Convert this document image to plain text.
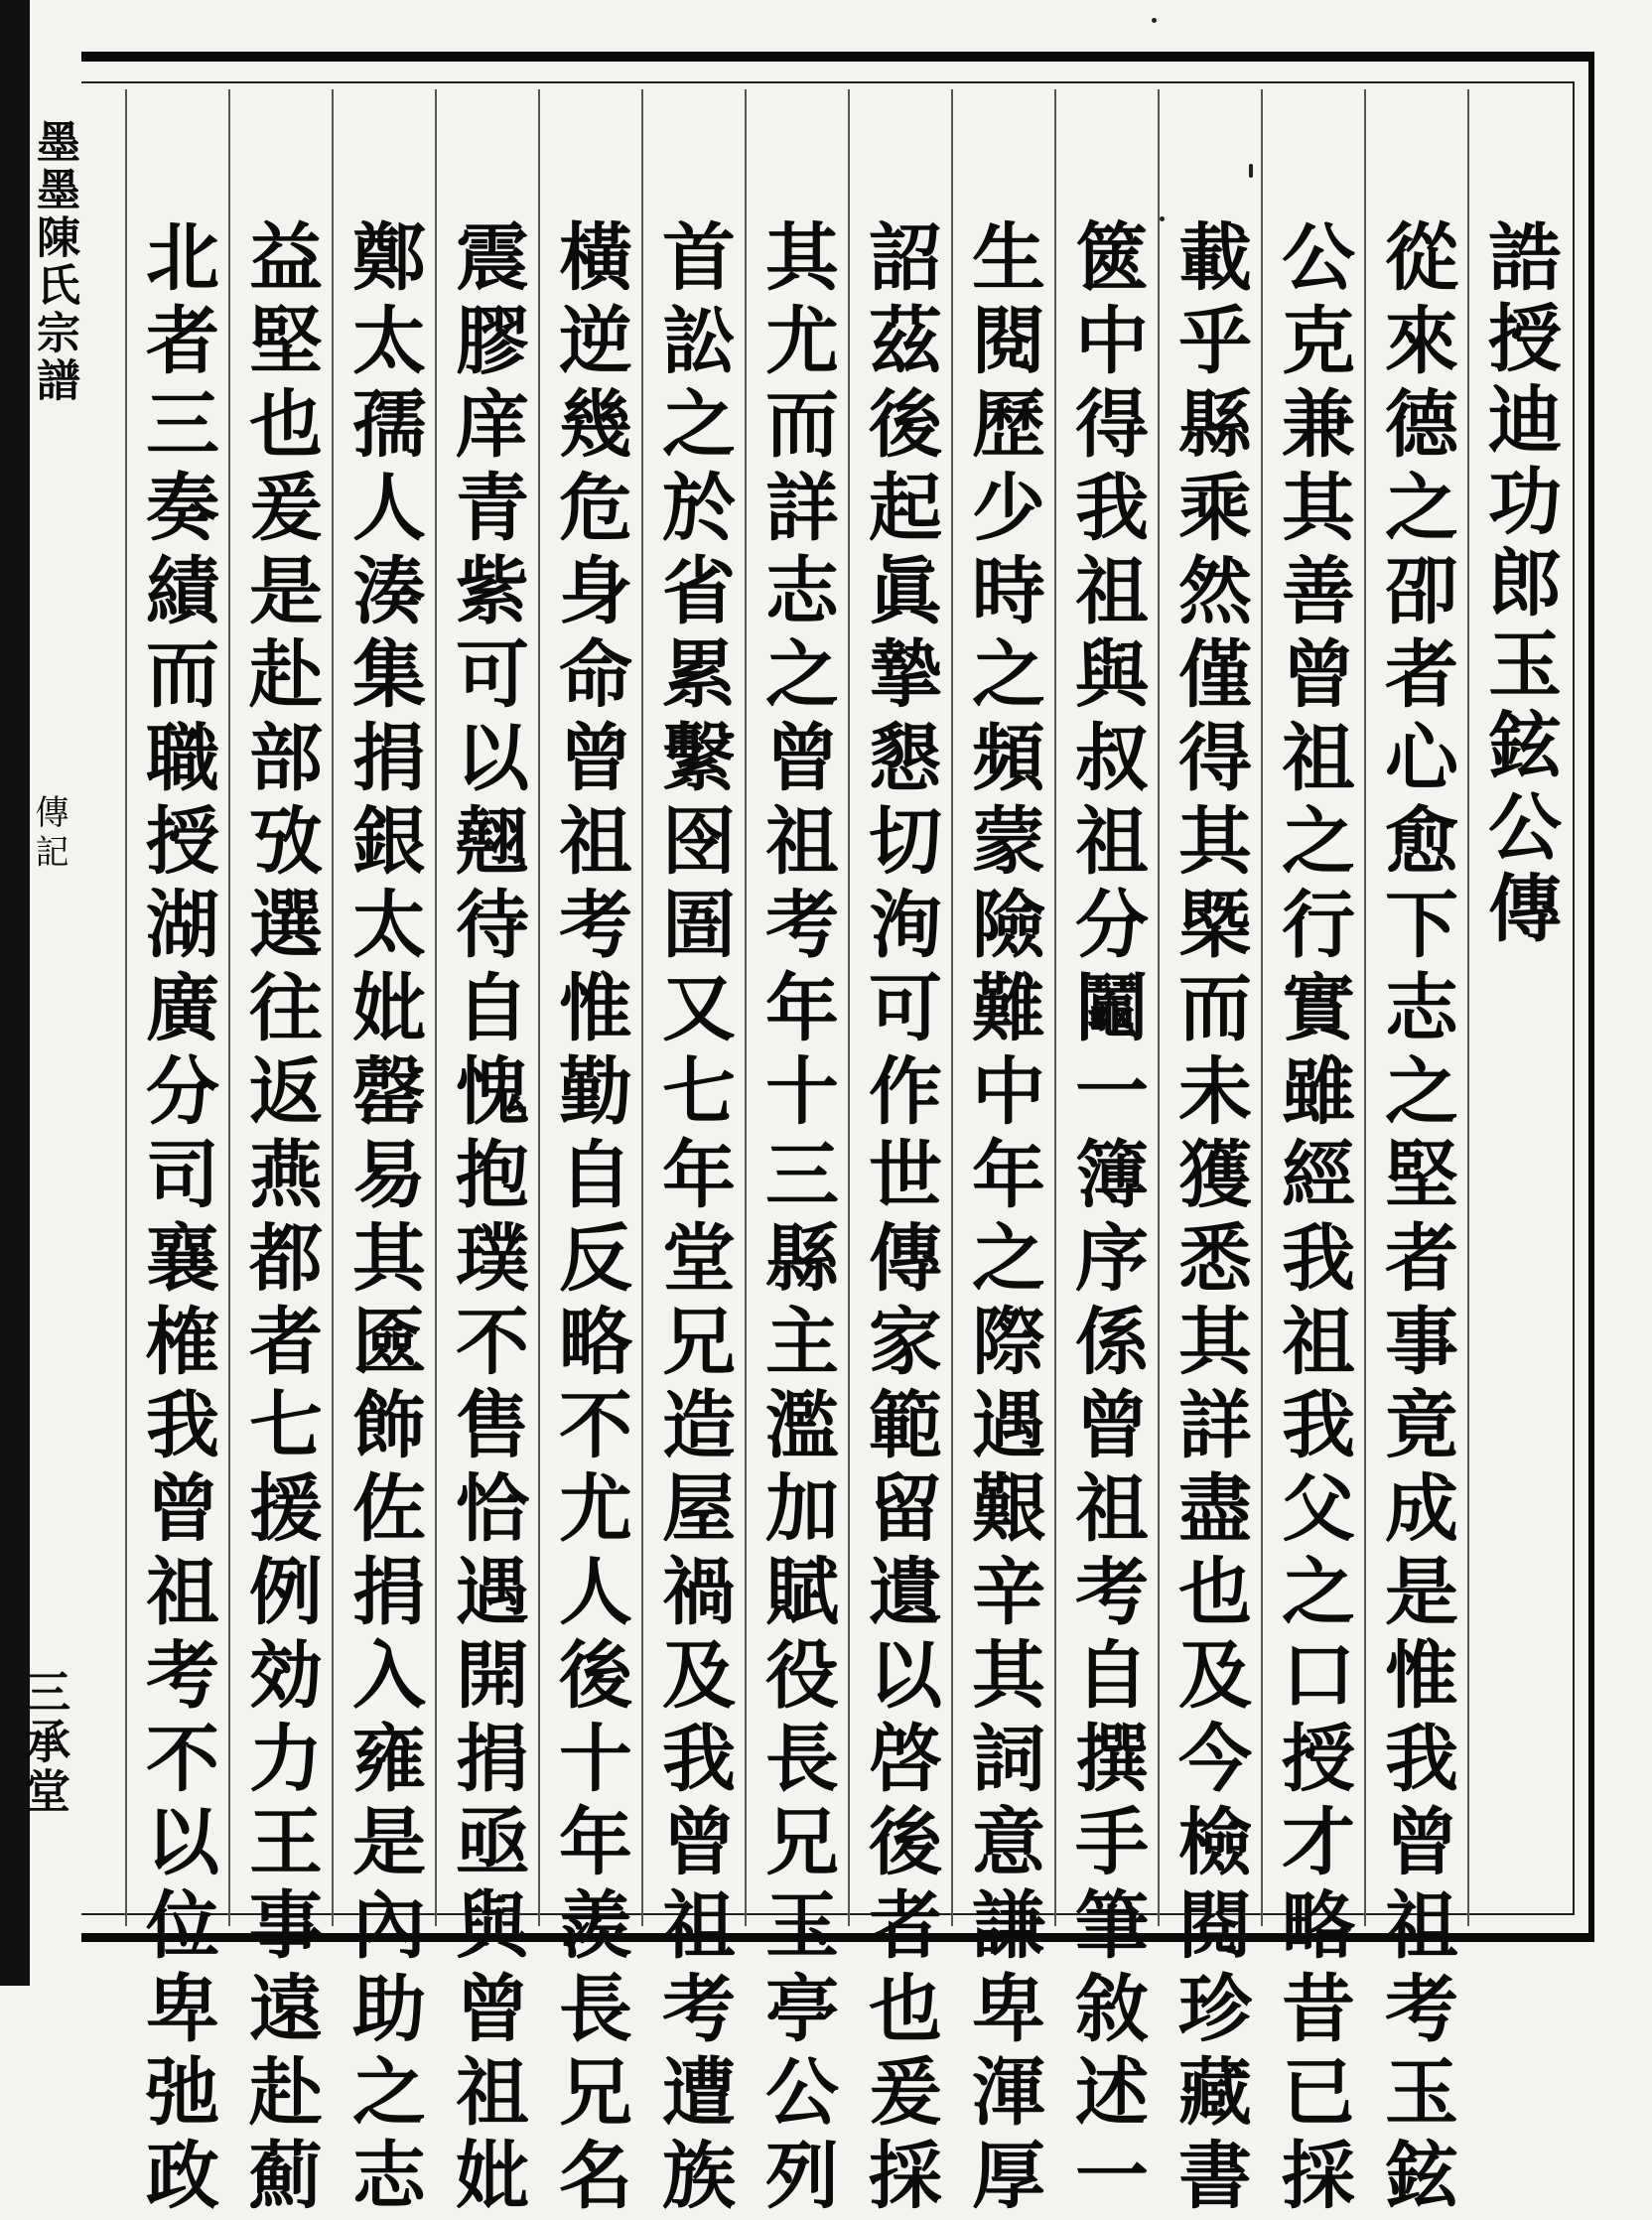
墨墨陳氏宗譜
傳記
三承堂
誥授迪功郎玉鉉公傳
從來德之卲者心愈下志之堅者事竟成是惟我曾祖考玉鉉
公克兼其善曾祖之行實雖經我祖我父之口授才略昔已採
載乎縣乘然僅得其槩而未獲悉其詳盡也及今檢閱珍藏書
篋中得我祖與叔祖分鬮一簿序係曾祖考自撰手筆敘述一
生閱歷少時之頻蒙險難中年之際遇艱辛其詞意謙卑渾厚
詔茲後起眞摯懇切洵可作世傳家範留遺以啓後者也爰採
其尤而詳志之曾祖考年十三縣主濫加賦役長兄玉亭公列
首訟之於省累繫囹圄又七年堂兄造屋禍及我曾祖考遭族
橫逆幾危身命曾祖考惟勤自反略不尤人後十年羨長兄名
震膠庠青紫可以翹待自愧抱璞不售恰遇開捐亟與曾祖妣
鄭太孺人湊集捐銀太妣罄易其匳飾佐捐入雍是內助之志
益堅也爰是赴部攷選往返燕都者七援例効力王事遠赴薊
北者三奏績而職授湖廣分司襄榷我曾祖考不以位卑弛政
